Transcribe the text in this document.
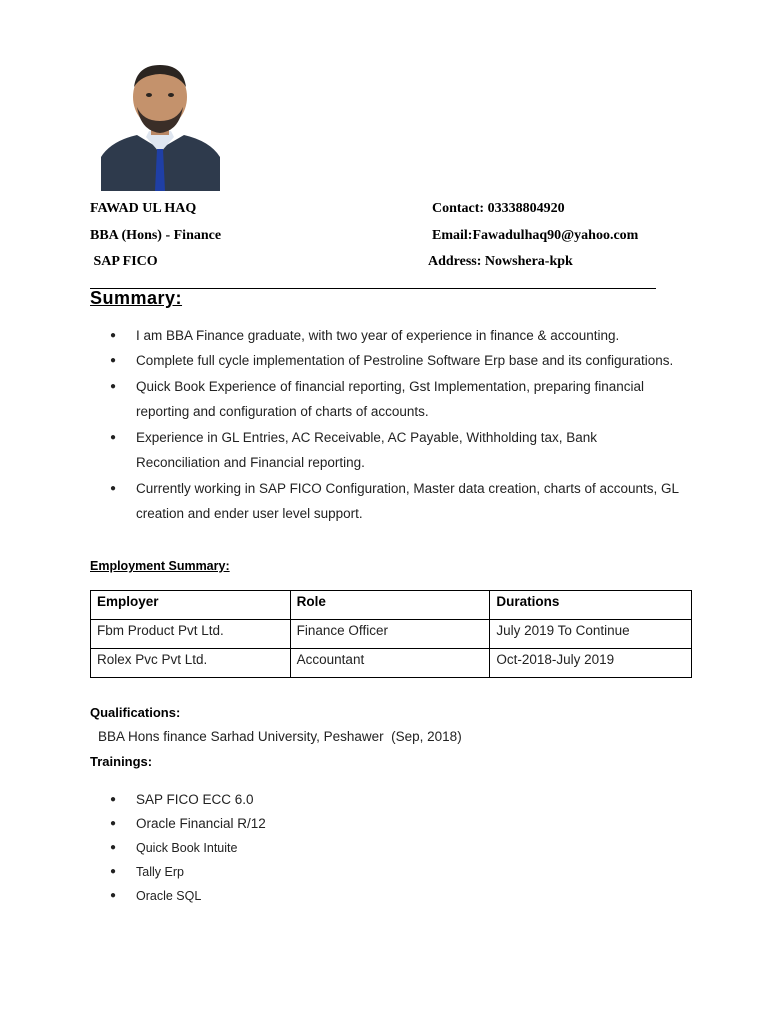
FAWAD UL HAQ
BBA (Hons) - Finance
SAP FICO
Contact: 03338804920
Email:Fawadulhaq90@yahoo.com
Address: Nowshera-kpk
Summary:
● I am BBA Finance graduate, with two year of experience in finance & accounting.
● Complete full cycle implementation of Pestroline Software Erp base and its configurations.
● Quick Book Experience of financial reporting, Gst Implementation, preparing financial reporting and configuration of charts of accounts.
● Experience in GL Entries, AC Receivable, AC Payable, Withholding tax, Bank Reconciliation and Financial reporting.
● Currently working in SAP FICO Configuration, Master data creation, charts of accounts, GL creation and ender user level support.
Employment Summary:
Employer	Role	Durations
Fbm Product Pvt Ltd.	Finance Officer	July 2019 To Continue
Rolex Pvc Pvt Ltd.	Accountant	Oct-2018-July 2019
Qualifications:
BBA Hons finance Sarhad University, Peshawer  (Sep, 2018)
Trainings:
● SAP FICO ECC 6.0
● Oracle Financial R/12
● Quick Book Intuite
● Tally Erp
● Oracle SQL
